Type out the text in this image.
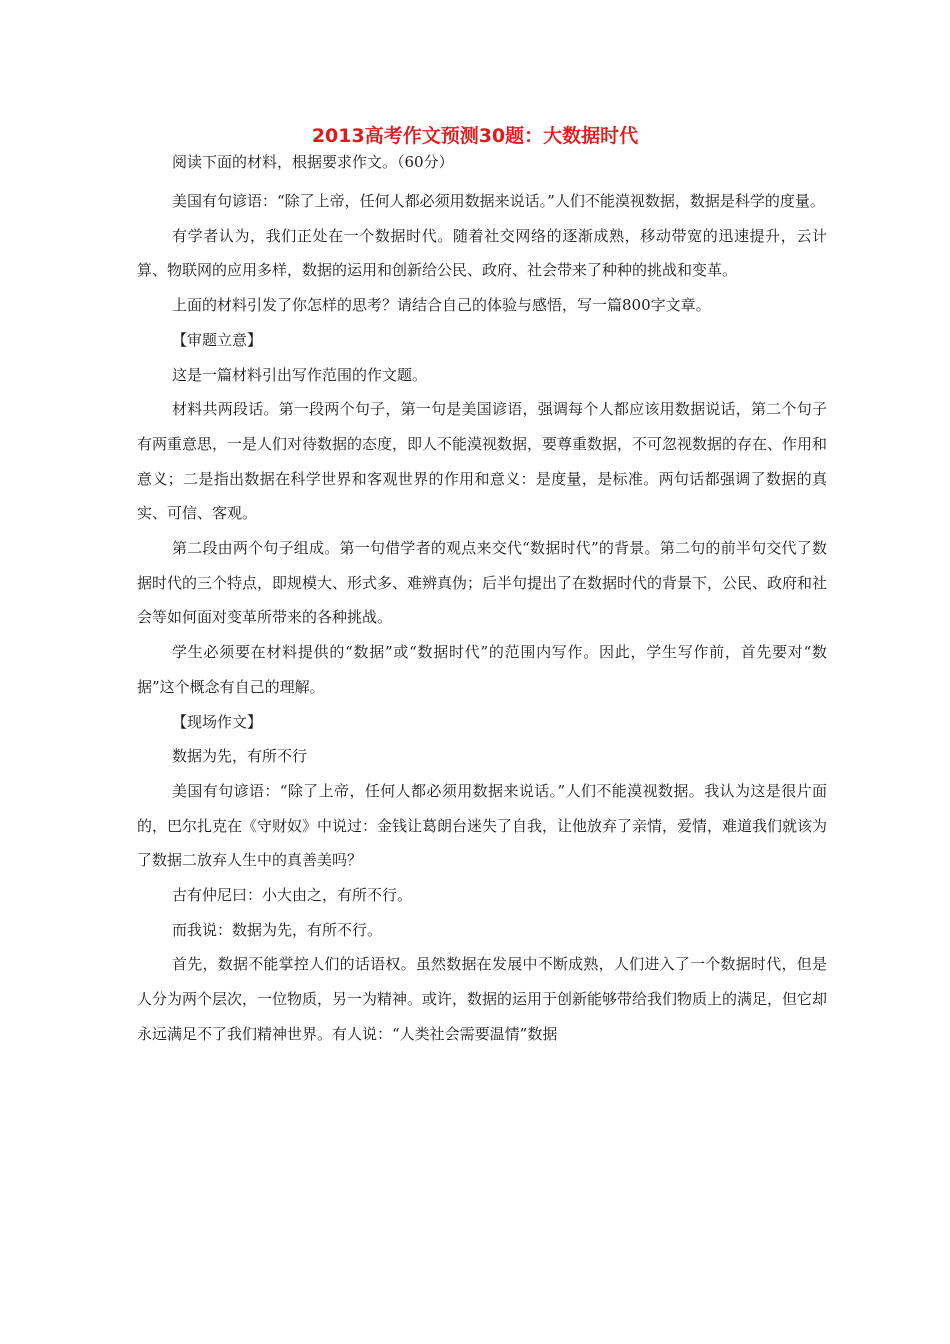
2013高考作文预测30题：大数据时代

阅读下面的材料，根据要求作文。（60分）

美国有句谚语：“除了上帝，任何人都必须用数据来说话。”人们不能漠视数据，数据是科学的度量。

有学者认为，我们正处在一个数据时代。随着社交网络的逐渐成熟，移动带宽的迅速提升，云计算、物联网的应用多样，数据的运用和创新给公民、政府、社会带来了种种的挑战和变革。

上面的材料引发了你怎样的思考？请结合自己的体验与感悟，写一篇800字文章。

【审题立意】

这是一篇材料引出写作范围的作文题。

材料共两段话。第一段两个句子，第一句是美国谚语，强调每个人都应该用数据说话，第二个句子有两重意思，一是人们对待数据的态度，即人不能漠视数据，要尊重数据，不可忽视数据的存在、作用和意义；二是指出数据在科学世界和客观世界的作用和意义：是度量，是标准。两句话都强调了数据的真实、可信、客观。

第二段由两个句子组成。第一句借学者的观点来交代“数据时代”的背景。第二句的前半句交代了数据时代的三个特点，即规模大、形式多、难辨真伪；后半句提出了在数据时代的背景下，公民、政府和社会等如何面对变革所带来的各种挑战。

学生必须要在材料提供的“数据”或“数据时代”的范围内写作。因此，学生写作前，首先要对“数据”这个概念有自己的理解。

【现场作文】

数据为先，有所不行

美国有句谚语：“除了上帝，任何人都必须用数据来说话。”人们不能漠视数据。我认为这是很片面的，巴尔扎克在《守财奴》中说过：金钱让葛朗台迷失了自我，让他放弃了亲情，爱情，难道我们就该为了数据二放弃人生中的真善美吗？

古有仲尼曰：小大由之，有所不行。

而我说：数据为先，有所不行。

首先，数据不能掌控人们的话语权。虽然数据在发展中不断成熟，人们进入了一个数据时代，但是人分为两个层次，一位物质，另一为精神。或许，数据的运用于创新能够带给我们物质上的满足，但它却永远满足不了我们精神世界。有人说：“人类社会需要温情”数据
